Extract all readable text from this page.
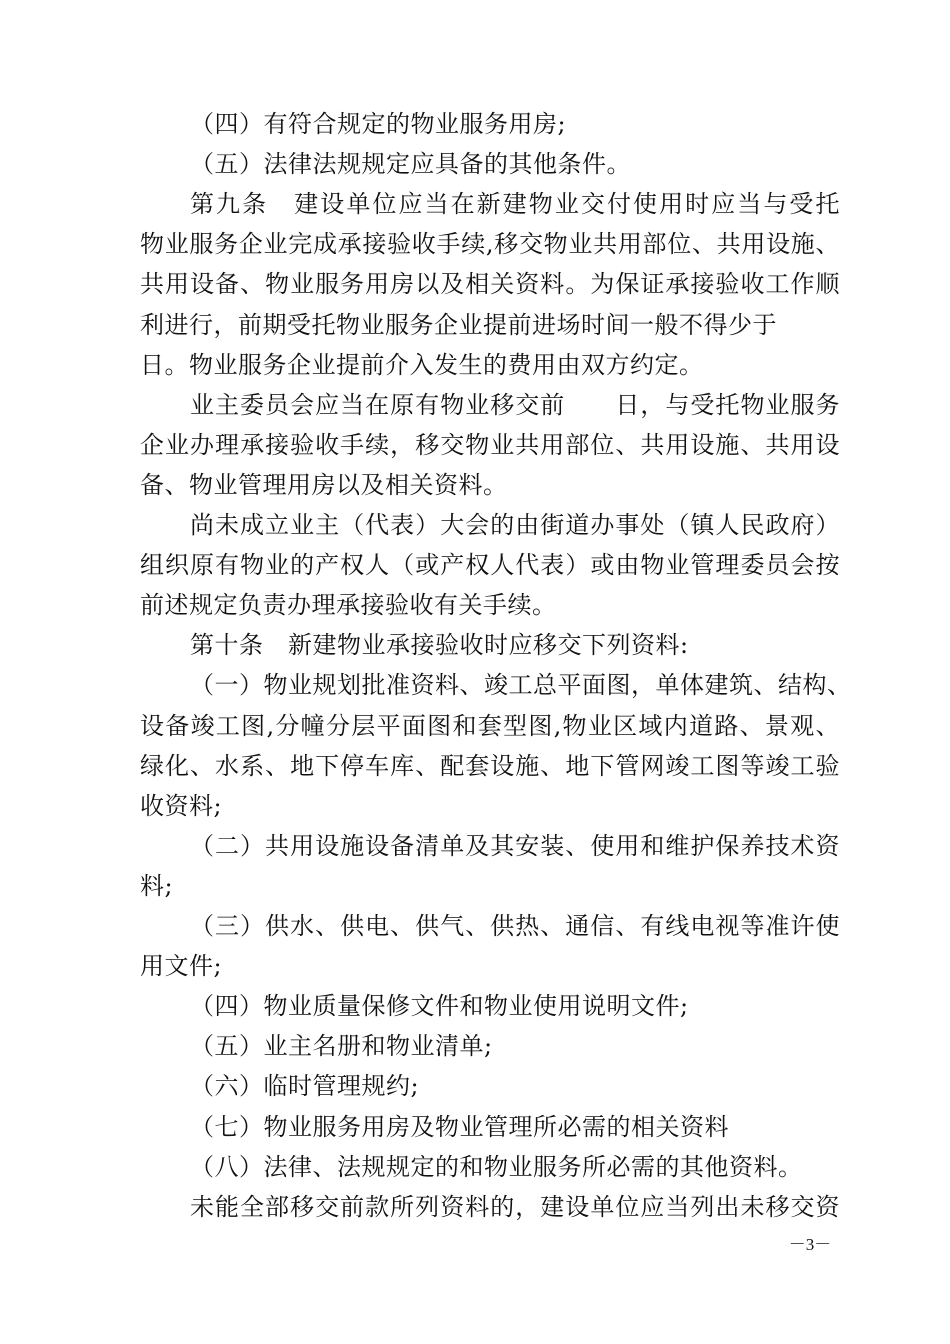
（四）有符合规定的物业服务用房;
（五）法律法规规定应具备的其他条件。
第九条　建设单位应当在新建物业交付使用时应当与受托
物业服务企业完成承接验收手续,移交物业共用部位、共用设施、
共用设备、物业服务用房以及相关资料。为保证承接验收工作顺
利进行，前期受托物业服务企业提前进场时间一般不得少于
日。物业服务企业提前介入发生的费用由双方约定。
业主委员会应当在原有物业移交前　　日，与受托物业服务
企业办理承接验收手续，移交物业共用部位、共用设施、共用设
备、物业管理用房以及相关资料。
尚未成立业主（代表）大会的由街道办事处（镇人民政府）
组织原有物业的产权人（或产权人代表）或由物业管理委员会按
前述规定负责办理承接验收有关手续。
第十条　新建物业承接验收时应移交下列资料:
（一）物业规划批准资料、竣工总平面图，单体建筑、结构、
设备竣工图,分幢分层平面图和套型图,物业区域内道路、景观、
绿化、水系、地下停车库、配套设施、地下管网竣工图等竣工验
收资料;
（二）共用设施设备清单及其安装、使用和维护保养技术资
料;
（三）供水、供电、供气、供热、通信、有线电视等准许使
用文件;
（四）物业质量保修文件和物业使用说明文件;
（五）业主名册和物业清单;
（六）临时管理规约;
（七）物业服务用房及物业管理所必需的相关资料
（八）法律、法规规定的和物业服务所必需的其他资料。
未能全部移交前款所列资料的，建设单位应当列出未移交资
－3－
